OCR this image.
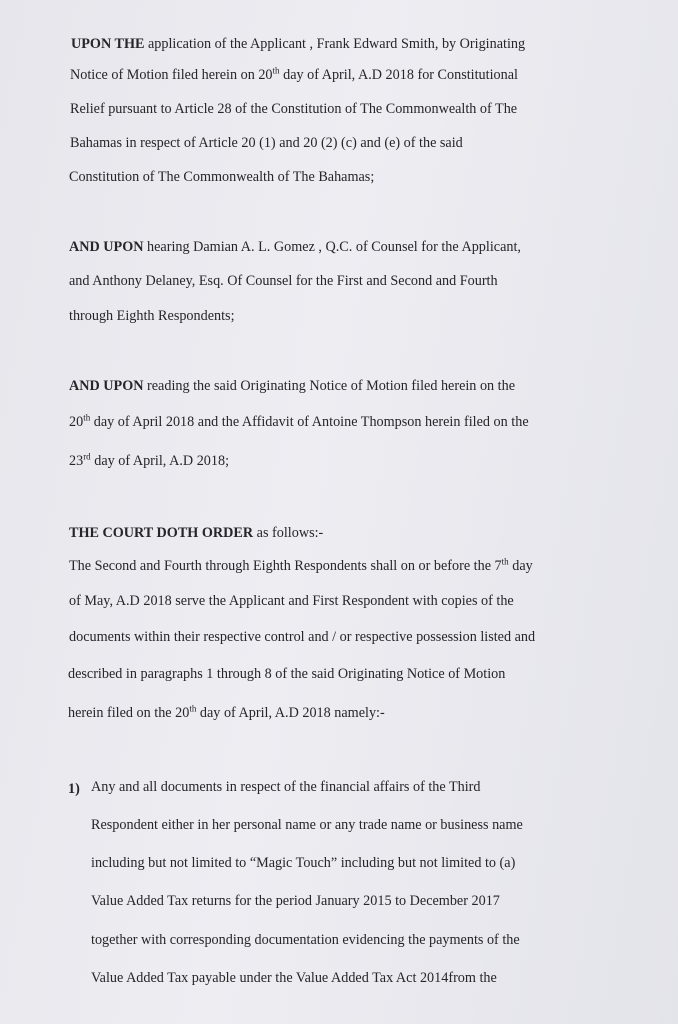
UPON THE application of the Applicant , Frank Edward Smith, by Originating
Notice of Motion filed herein on 20th day of April, A.D 2018 for Constitutional
Relief pursuant to Article 28 of the Constitution of The Commonwealth of The
Bahamas in respect of Article 20 (1) and 20 (2) (c) and (e) of the said
Constitution of The Commonwealth of The Bahamas;
AND UPON hearing Damian A. L. Gomez , Q.C. of Counsel for the Applicant,
and Anthony Delaney, Esq. Of Counsel for the First and Second and Fourth
through Eighth Respondents;
AND UPON reading the said Originating Notice of Motion filed herein on the
20th day of April 2018 and the Affidavit of Antoine Thompson herein filed on the
23rd day of April, A.D 2018;
THE COURT DOTH ORDER as follows:-
The Second and Fourth through Eighth Respondents shall on or before the 7th day
of May, A.D 2018 serve the Applicant and First Respondent with copies of the
documents within their respective control and / or respective possession listed and
described in paragraphs 1 through 8 of the said Originating Notice of Motion
herein filed on the 20th day of April, A.D 2018 namely:-
1) Any and all documents in respect of the financial affairs of the Third
Respondent either in her personal name or any trade name or business name
including but not limited to “Magic Touch” including but not limited to (a)
Value Added Tax returns for the period January 2015 to December 2017
together with corresponding documentation evidencing the payments of the
Value Added Tax payable under the Value Added Tax Act 2014from the
